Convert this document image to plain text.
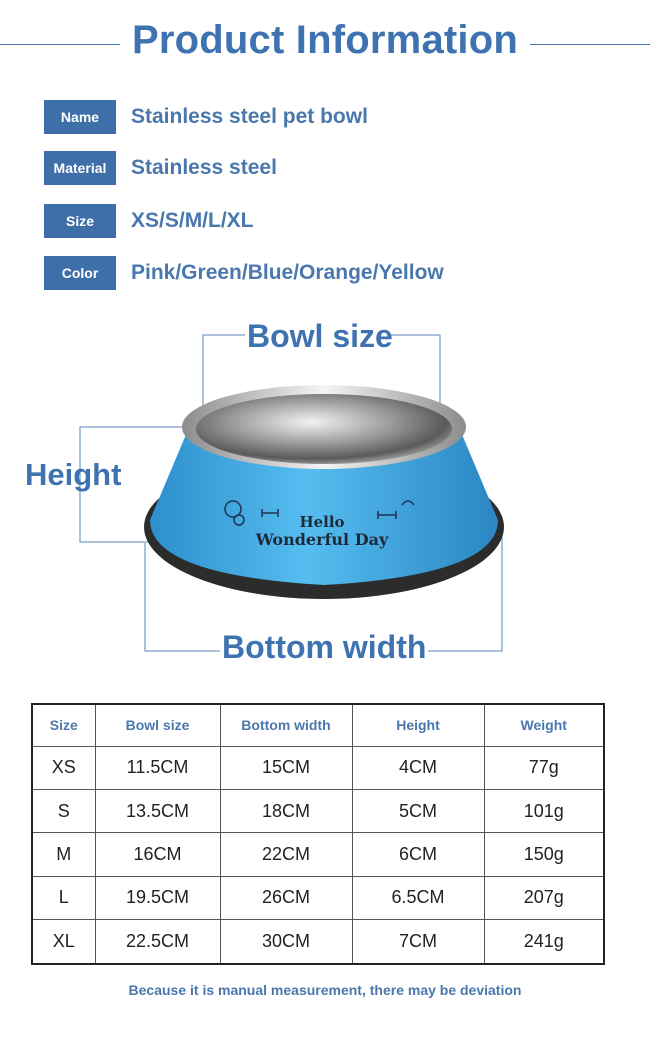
Product Information
Name	Stainless steel pet bowl
Material	Stainless steel
Size	XS/S/M/L/XL
Color	Pink/Green/Blue/Orange/Yellow
Hello
Wonderful Day
Bowl size
Height
Bottom width
Size	Bowl size	Bottom width	Height	Weight
XS	11.5CM	15CM	4CM	77g
S	13.5CM	18CM	5CM	101g
M	16CM	22CM	6CM	150g
L	19.5CM	26CM	6.5CM	207g
XL	22.5CM	30CM	7CM	241g
Because it is manual measurement, there may be deviation
